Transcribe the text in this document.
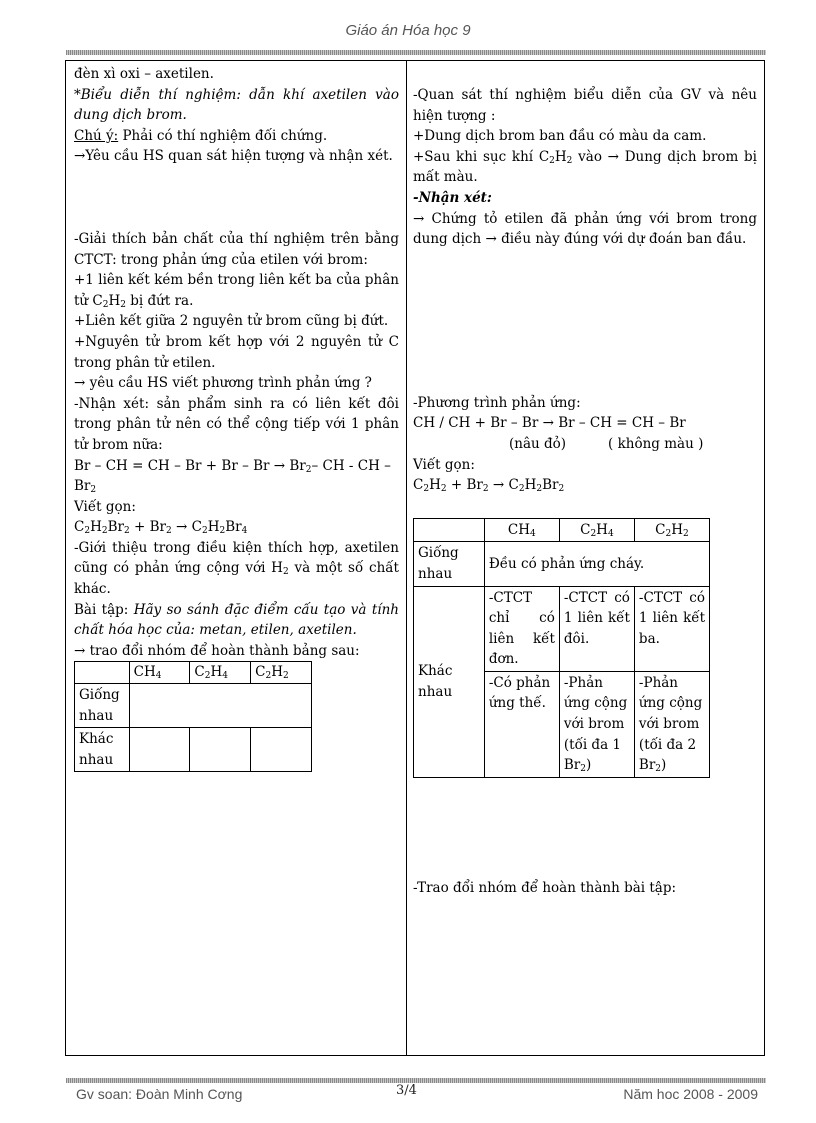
Giáo án Hóa học 9

đèn xì oxi – axetilen.

*Biểu diễn thí nghiệm: dẫn khí axetilen vào dung dịch brom.

Chú ý: Phải có thí nghiệm đối chứng.

→Yêu cầu HS quan sát hiện tượng và nhận xét.

-Giải thích bản chất của thí nghiệm trên bằng CTCT: trong phản ứng của etilen với brom:

+1 liên kết kém bền trong liên kết ba của phân tử $C_2H_2$ bị đứt ra.

+Liên kết giữa 2 nguyên tử brom cũng bị đứt.

+Nguyên tử brom kết hợp với 2 nguyên tử C trong phân tử etilen.

→ yêu cầu HS viết phương trình phản ứng ?

-Nhận xét: sản phẩm sinh ra có liên kết đôi trong phân tử nên có thể cộng tiếp với 1 phân tử brom nữa:

Br – CH = CH – $Br + Br - Br \to Br_2-$ CH - CH – $Br_2$

Viết gọn:

$C_2H_2Br_2 + Br_2 \to C_2H_2Br_4$

-Giới thiệu trong điều kiện thích hợp, axetilen cũng có phản ứng cộng với $H_2$ và một số chất khác.

Bài tập: Hãy so sánh đặc điểm cấu tạo và tính chất hóa học của: metan, etilen, axetilen.

→ trao đổi nhóm để hoàn thành bảng sau:

	$CH_4$	$C_2H_4$	$C_2H_2$
Giống nhau			
Khác nhau			

-Quan sát thí nghiệm biểu diễn của GV và nêu hiện tượng :

+Dung dịch brom ban đầu có màu da cam.

+Sau khi sục khí $C_2H_2$ vào → Dung dịch brom bị mất màu.

-Nhận xét:

→ Chứng tỏ etilen đã phản ứng với brom trong dung dịch → điều này đúng với dự đoán ban đầu.

-Phương trình phản ứng:

CH / CH + Br – Br → Br – CH = CH – Br

(nâu đỏ)	( không màu )

Viết gọn:

$C_2H_2 + Br_2 \to C_2H_2Br_2$

	$CH_4$	$C_2H_4$	$C_2H_2$
Giống nhau	Đều có phản ứng cháy.		
Khác nhau	-CTCT chỉ có liên kết đơn.	-CTCT có 1 liên kết đôi.	-CTCT có 1 liên kết ba.
	-Có phản ứng thế.	-Phản ứng cộng với brom (tối đa 1 $Br_2$)	-Phản ứng cộng với brom (tối đa 2 $Br_2$)

-Trao đổi nhóm để hoàn thành bài tập:

Gv soan: Đoàn Minh Cơng	3/4	Năm hoc 2008 - 2009
